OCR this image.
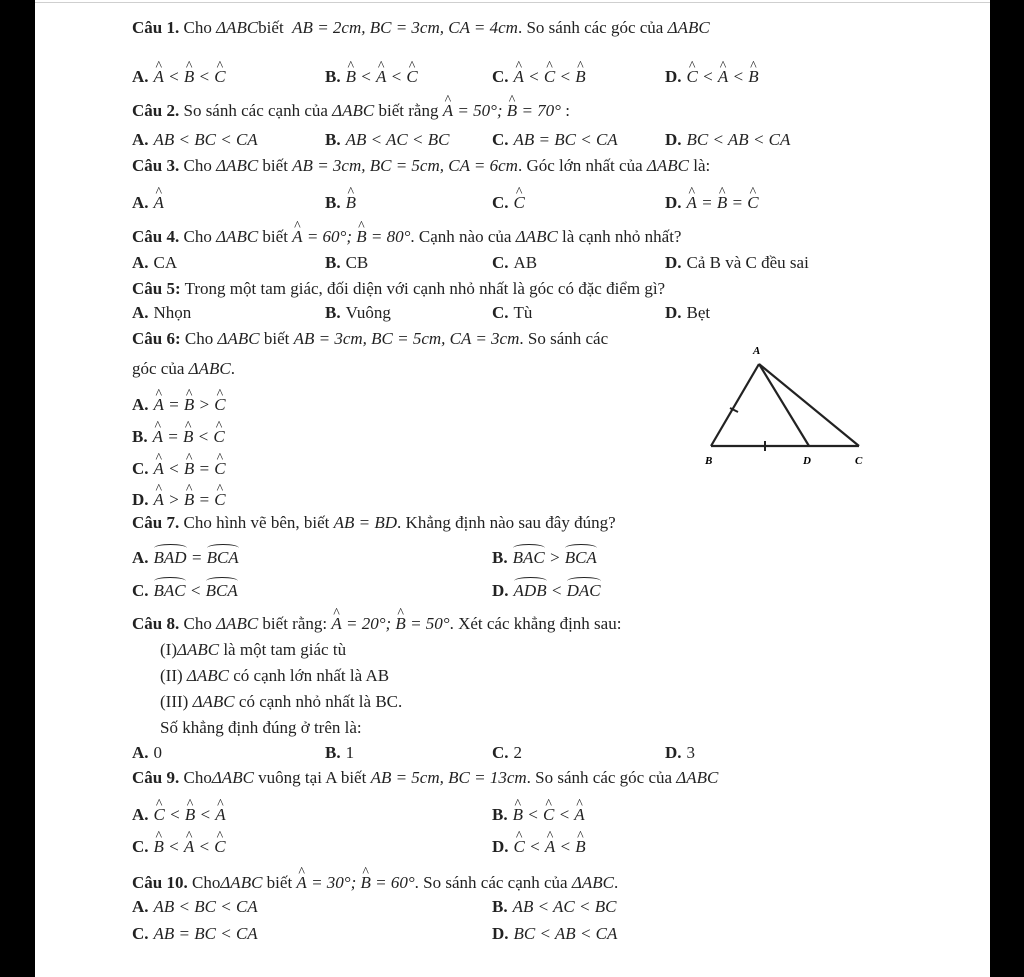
Câu 1. Cho ΔABCbiết AB = 2cm, BC = 3cm, CA = 4cm. So sánh các góc của ΔABC
A. ^ A < ^ B < ^ C	B. ^ B < ^ A < ^ C	C. ^ A < ^ C < ^ B	D. ^ C < ^ A < ^ B
Câu 2. So sánh các cạnh của ΔABC biết rằng ^ A = 50°; ^ B = 70° :
A. AB < BC < CA	B. AB < AC < BC	C. AB = BC < CA	D. BC < AB < CA
Câu 3. Cho ΔABC biết AB = 3cm, BC = 5cm, CA = 6cm. Góc lớn nhất của ΔABC là:
A. ^ A	B. ^ B	C. ^ C	D. ^ A = ^ B = ^ C
Câu 4. Cho ΔABC biết ^ A = 60°; ^ B = 80°. Cạnh nào của ΔABC là cạnh nhỏ nhất?
A. CA	B. CB	C. AB	D. Cả B và C đều sai
Câu 5: Trong một tam giác, đối diện với cạnh nhỏ nhất là góc có đặc điểm gì?
A. Nhọn	B. Vuông	C. Tù	D. Bẹt
Câu 6: Cho ΔABC biết AB = 3cm, BC = 5cm, CA = 3cm. So sánh các
góc của ΔABC.
A. ^ A = ^ B > ^ C
B. ^ A = ^ B < ^ C
C. ^ A < ^ B = ^ C
D. ^ A > ^ B = ^ C
A
B	D	C
Câu 7. Cho hình vẽ bên, biết AB = BD. Khẳng định nào sau đây đúng?
A. BAD = BCA	B. BAC > BCA
C. BAC < BCA	D. ADB < DAC
Câu 8. Cho ΔABC biết rằng: ^ A = 20°; ^ B = 50°. Xét các khẳng định sau:
(I)ΔABC là một tam giác tù
(II) ΔABC có cạnh lớn nhất là AB
(III) ΔABC có cạnh nhỏ nhất là BC.
Số khẳng định đúng ở trên là:
A. 0	B. 1	C. 2	D. 3
Câu 9. ChoΔABC vuông tại A biết AB = 5cm, BC = 13cm. So sánh các góc của ΔABC
A. ^ C < ^ B < ^ A	B. ^ B < ^ C < ^ A
C. ^ B < ^ A < ^ C	D. ^ C < ^ A < ^ B
Câu 10. ChoΔABC biết ^ A = 30°; ^ B = 60°. So sánh các cạnh của ΔABC.
A. AB < BC < CA	B. AB < AC < BC
C. AB = BC < CA	D. BC < AB < CA
